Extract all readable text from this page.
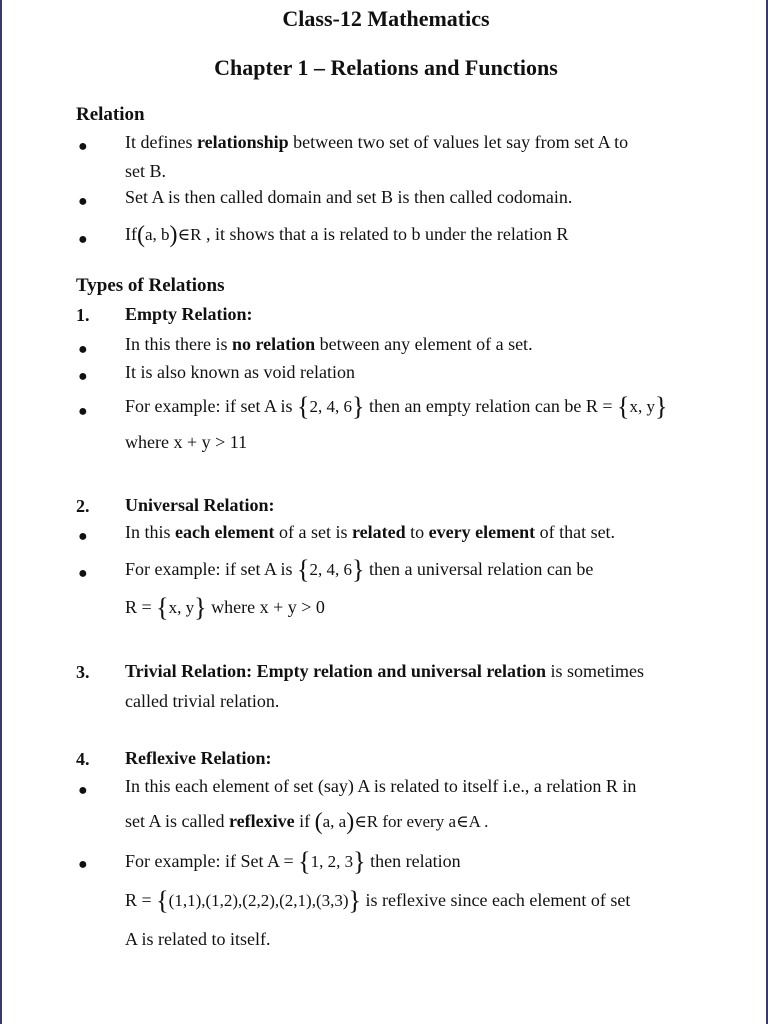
Class-12 Mathematics
Chapter 1 – Relations and Functions
Relation
● It defines relationship between two set of values let say from set A to
set B.
● Set A is then called domain and set B is then called codomain.
● If(a, b)∈R , it shows that a is related to b under the relation R
Types of Relations
1. Empty Relation:
● In this there is no relation between any element of a set.
● It is also known as void relation
● For example: if set A is {2, 4, 6} then an empty relation can be R = {x, y}
where x + y > 11
2. Universal Relation:
● In this each element of a set is related to every element of that set.
● For example: if set A is {2, 4, 6} then a universal relation can be
R = {x, y} where x + y > 0
3. Trivial Relation: Empty relation and universal relation is sometimes
called trivial relation.
4. Reflexive Relation:
● In this each element of set (say) A is related to itself i.e., a relation R in
set A is called reflexive if (a, a)∈R for every a∈A .
● For example: if Set A = {1, 2, 3} then relation
R = {(1,1),(1,2),(2,2),(2,1),(3,3)} is reflexive since each element of set
A is related to itself.
